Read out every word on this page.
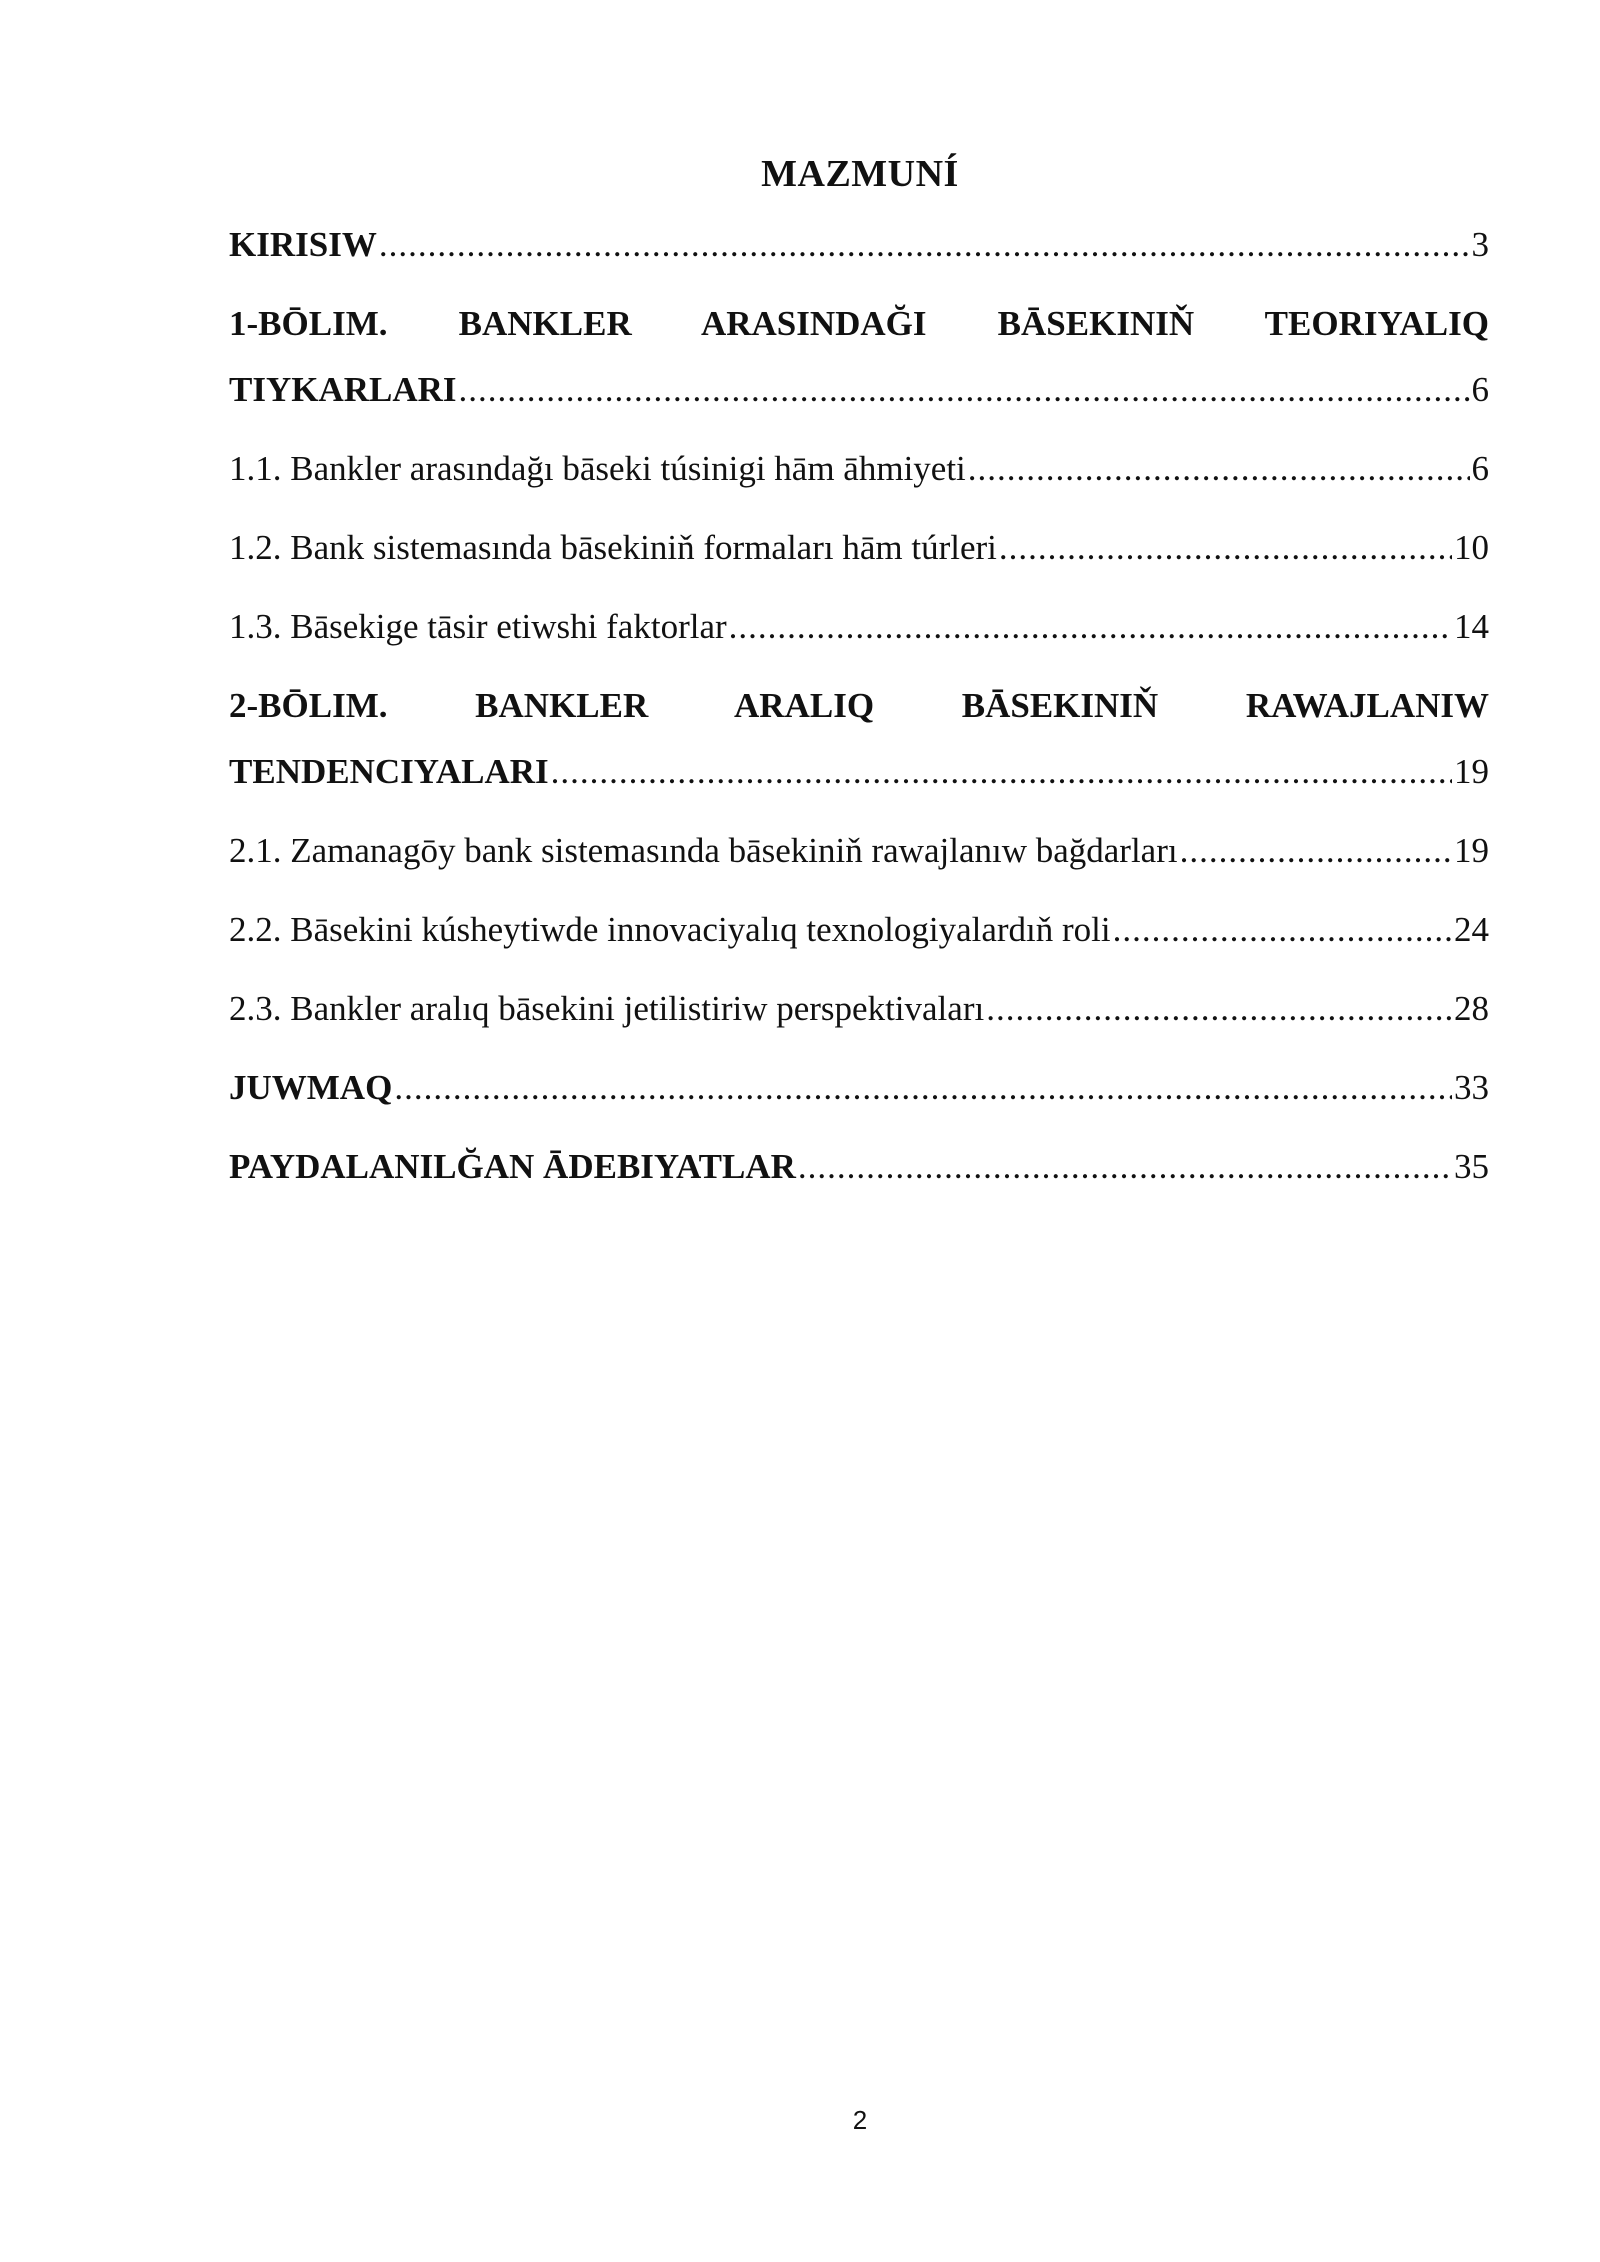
MAZMUNÍ
KIRISIW .....	3
1-BŌLIM. BANKLER ARASINDAĞI BĀSEKINIŇ TEORIYALIQ
TIYKARLARI .....	6
1.1. Bankler arasındağı bāseki túsinigi hām āhmiyeti .....	6
1.2. Bank sistemasında bāsekiniň formaları hām túrleri .....	10
1.3. Bāsekige tāsir etiwshi faktorlar .....	14
2-BŌLIM. BANKLER ARALIQ BĀSEKINIŇ RAWAJLANIW
TENDENCIYALARI .....	19
2.1. Zamanagōy bank sistemasında bāsekiniň rawajlanıw bağdarları .....	19
2.2. Bāsekini kúsheytiwde innovaciyalıq texnologiyalardıň roli .....	24
2.3. Bankler aralıq bāsekini jetilistiriw perspektivaları .....	28
JUWMAQ .....	33
PAYDALANILĞAN ĀDEBIYATLAR .....	35
2
